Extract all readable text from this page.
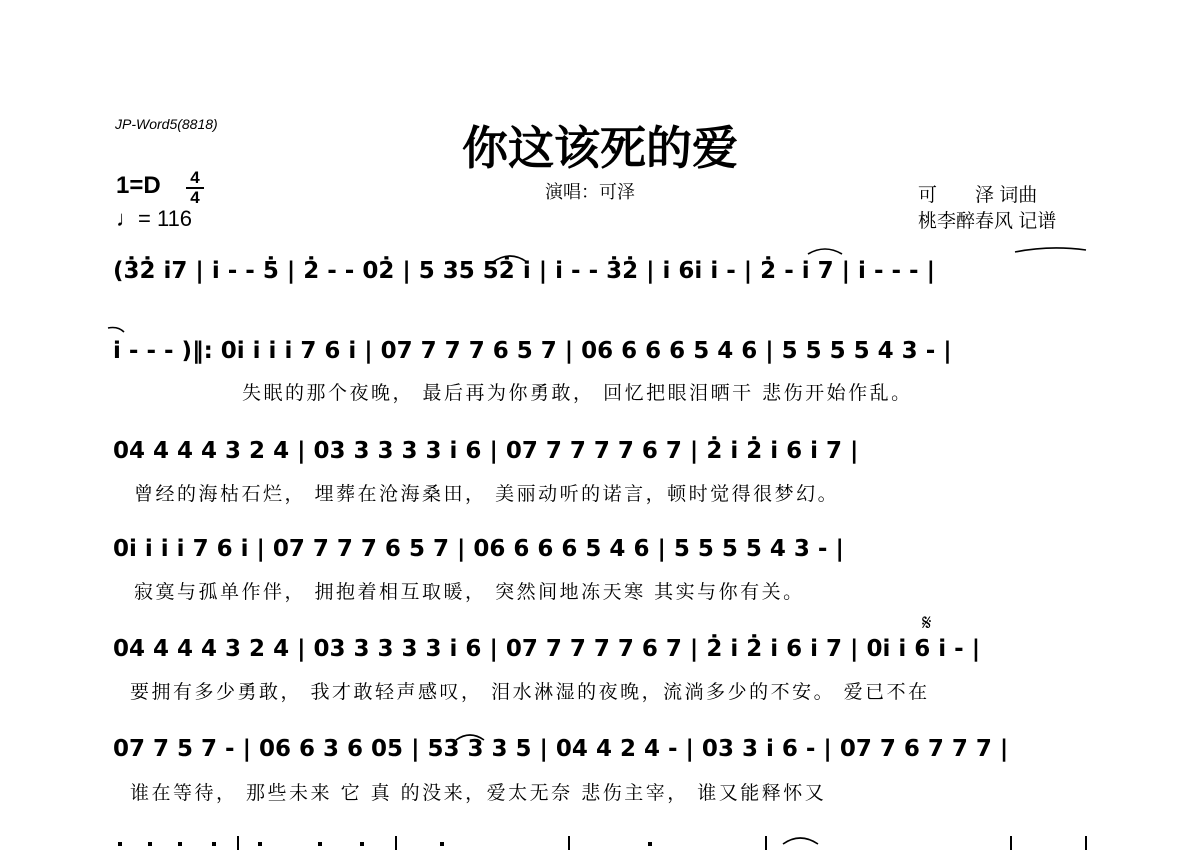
JP-Word5(8818)	你这该死的爱
1=D 4
4
♩= 116
演唱：可泽	可　　泽 词曲
桃李醉春风 记谱
(3̇2̇ i7 | i - - 5̇ | 2̇ - - 02̇ | 5 35 52̇ i | i - - 3̇2̇ | i 6i i - | 2̇ - i 7 | i - - - |
i - - - )‖: 0i i i i 7 6 i | 07 7 7 7 6 5 7 | 06 6 6 6 5 4 6 | 5 5 5 5 4 3 - |
失眠的那个夜晚， 最后再为你勇敢， 回忆把眼泪晒干 悲伤开始作乱。
04 4 4 4 3 2 4 | 03 3 3 3 3 i 6 | 07 7 7 7 7 6 7 | 2̇ i 2̇ i 6 i 7 |
曾经的海枯石烂， 埋葬在沧海桑田， 美丽动听的诺言，顿时觉得很梦幻。
0i i i i 7 6 i | 07 7 7 7 6 5 7 | 06 6 6 6 5 4 6 | 5 5 5 5 4 3 - |
寂寞与孤单作伴， 拥抱着相互取暖， 突然间地冻天寒 其实与你有关。
𝄋
04 4 4 4 3 2 4 | 03 3 3 3 3 i 6 | 07 7 7 7 7 6 7 | 2̇ i 2̇ i 6 i 7 | 0i i 6 i - |
要拥有多少勇敢， 我才敢轻声感叹， 泪水淋湿的夜晚，流淌多少的不安。 爱已不在
07 7 5 7 - | 06 6 3 6 05 | 53 3 3 5 | 04 4 2 4 - | 03 3 i 6 - | 07 7 6 7 7 7 |
谁在等待， 那些未来 它 真 的没来，爱太无奈 悲伤主宰， 谁又能释怀又
